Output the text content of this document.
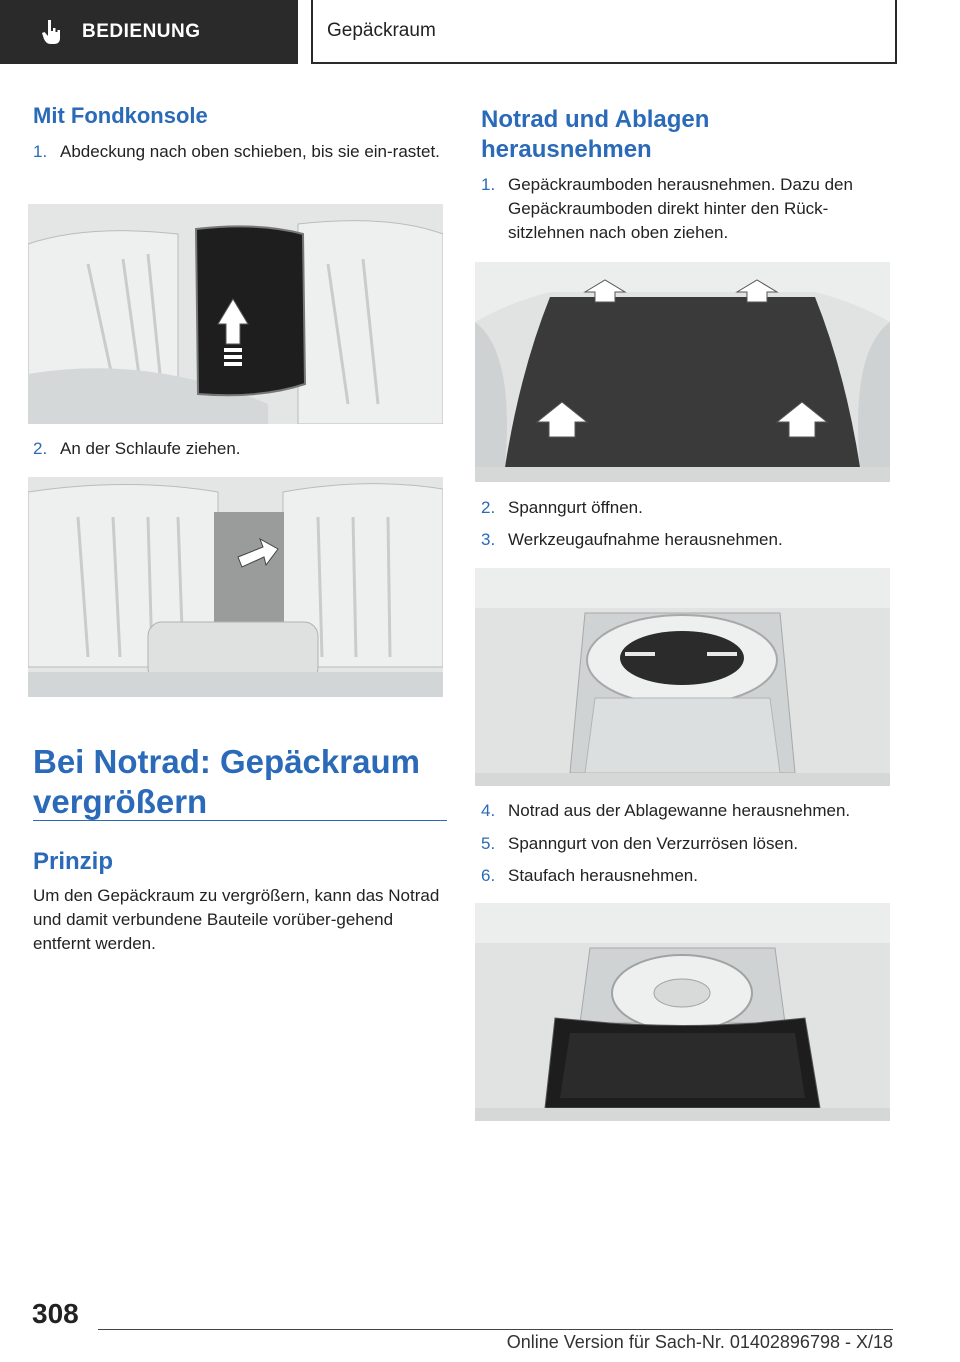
BEDIENUNG	Gepäckraum
Mit Fondkonsole
1. Abdeckung nach oben schieben, bis sie ein-rastet.
2. An der Schlaufe ziehen.
Bei Notrad: Gepäckraum
vergrößern
Prinzip
Um den Gepäckraum zu vergrößern, kann das Notrad und damit verbundene Bauteile vorüber-gehend entfernt werden.
Notrad und Ablagen
herausnehmen
1. Gepäckraumboden herausnehmen. Dazu den Gepäckraumboden direkt hinter den Rück-sitzlehnen nach oben ziehen.
2. Spanngurt öffnen.
3. Werkzeugaufnahme herausnehmen.
4. Notrad aus der Ablagewanne herausnehmen.
5. Spanngurt von den Verzurrösen lösen.
6. Staufach herausnehmen.
308
Online Version für Sach-Nr. 01402896798 - X/18
